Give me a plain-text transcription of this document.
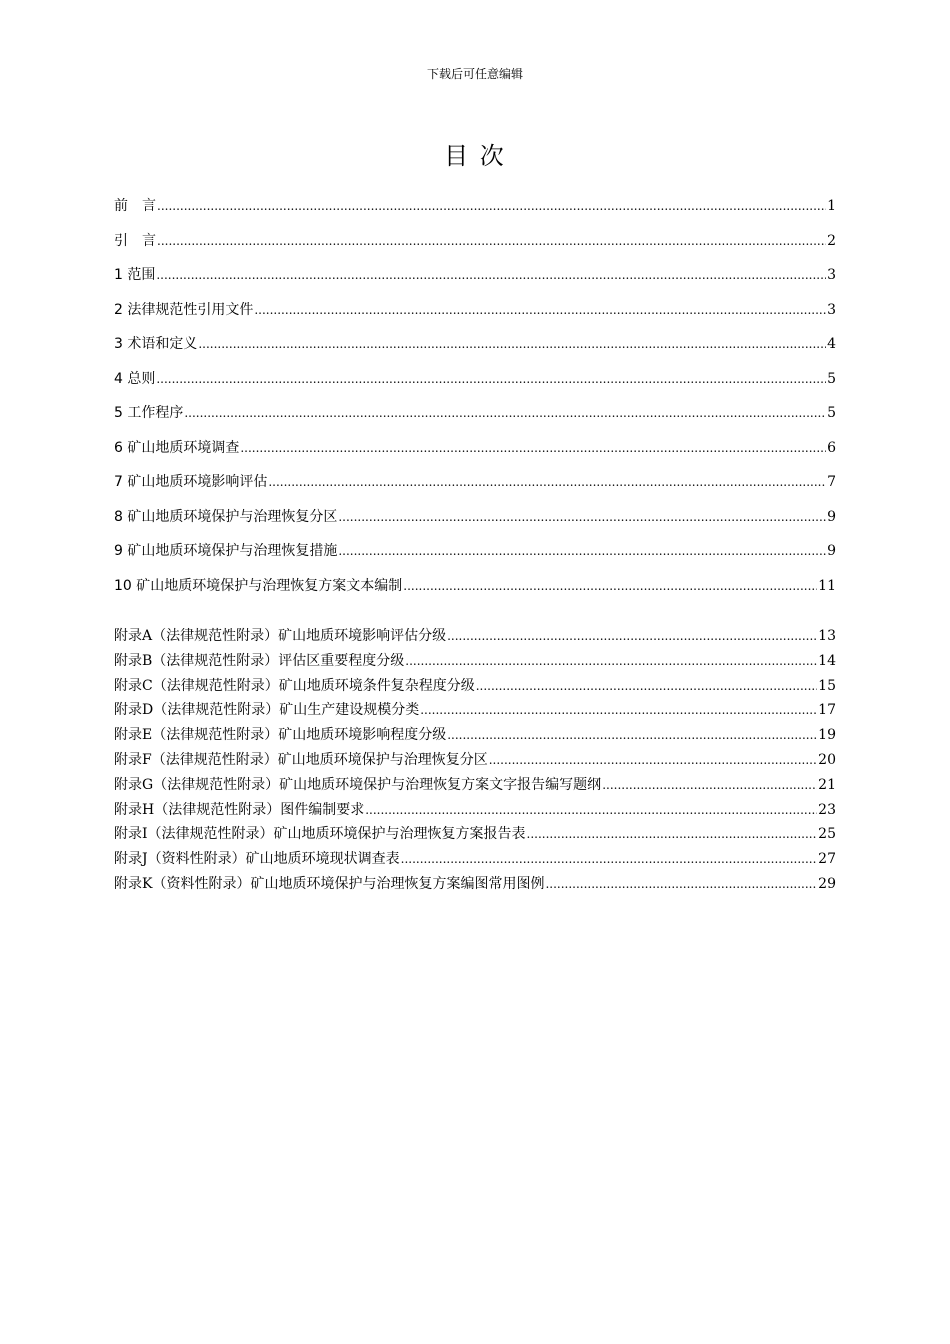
下载后可任意编辑
目 次
前　言 .....	1
引　言 .....	2
1 范围 .....	3
2 法律规范性引用文件 .....	3
3 术语和定义 .....	4
4 总则 .....	5
5 工作程序 .....	5
6 矿山地质环境调查 .....	6
7 矿山地质环境影响评估 .....	7
8 矿山地质环境保护与治理恢复分区 .....	9
9 矿山地质环境保护与治理恢复措施 .....	9
10 矿山地质环境保护与治理恢复方案文本编制 .....	11
附录A（法律规范性附录）矿山地质环境影响评估分级 .....	13
附录B（法律规范性附录）评估区重要程度分级 .....	14
附录C（法律规范性附录）矿山地质环境条件复杂程度分级 .....	15
附录D（法律规范性附录）矿山生产建设规模分类 .....	17
附录E（法律规范性附录）矿山地质环境影响程度分级 .....	19
附录F（法律规范性附录）矿山地质环境保护与治理恢复分区 .....	20
附录G（法律规范性附录）矿山地质环境保护与治理恢复方案文字报告编写题纲 .....	21
附录H（法律规范性附录）图件编制要求 .....	23
附录I（法律规范性附录）矿山地质环境保护与治理恢复方案报告表 .....	25
附录J（资料性附录）矿山地质环境现状调查表 .....	27
附录K（资料性附录）矿山地质环境保护与治理恢复方案编图常用图例 .....	29
